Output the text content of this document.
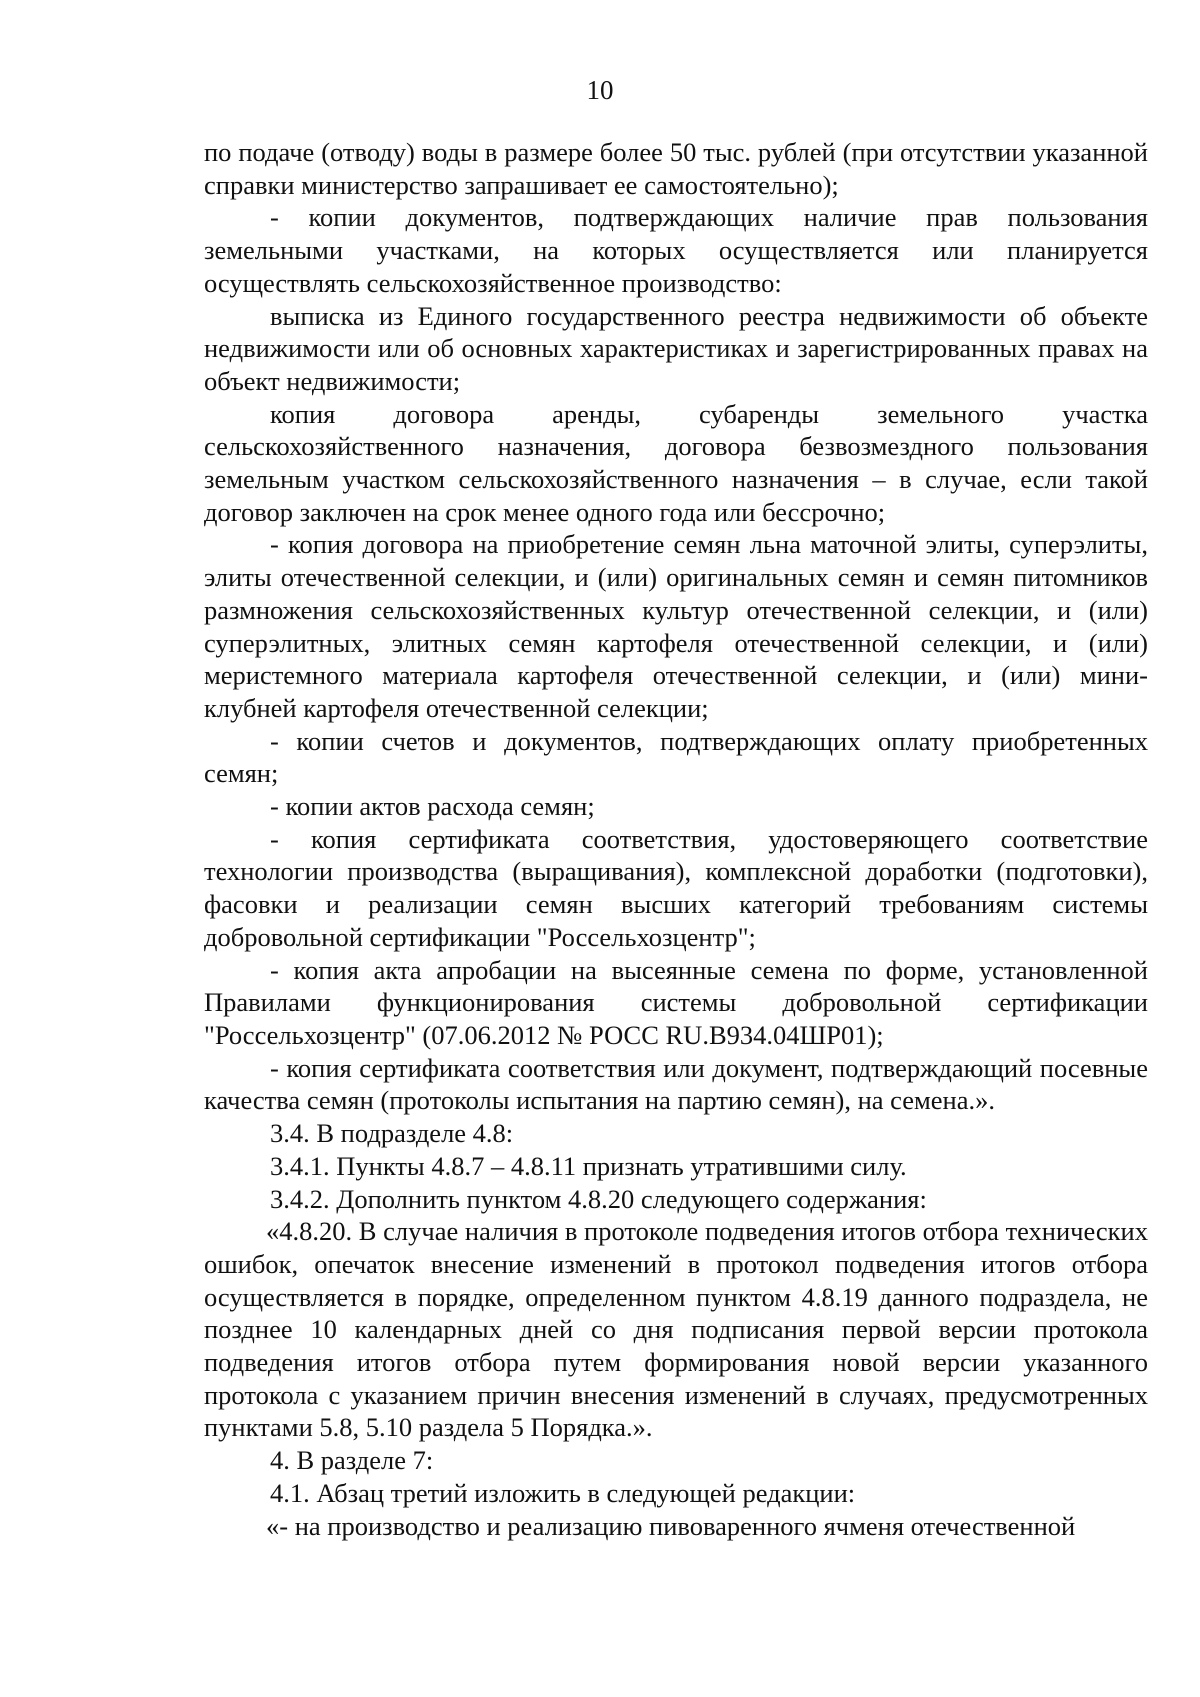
10

по подаче (отводу) воды в размере более 50 тыс. рублей (при отсутствии указанной справки министерство запрашивает ее самостоятельно);

- копии документов, подтверждающих наличие прав пользования земельными участками, на которых осуществляется или планируется осуществлять сельскохозяйственное производство:

выписка из Единого государственного реестра недвижимости об объекте недвижимости или об основных характеристиках и зарегистрированных правах на объект недвижимости;

копия договора аренды, субаренды земельного участка сельскохозяйственного назначения, договора безвозмездного пользования земельным участком сельскохозяйственного назначения – в случае, если такой договор заключен на срок менее одного года или бессрочно;

- копия договора на приобретение семян льна маточной элиты, суперэлиты, элиты отечественной селекции, и (или) оригинальных семян и семян питомников размножения сельскохозяйственных культур отечественной селекции, и (или) суперэлитных, элитных семян картофеля отечественной селекции, и (или) меристемного материала картофеля отечественной селекции, и (или) мини-клубней картофеля отечественной селекции;

- копии счетов и документов, подтверждающих оплату приобретенных семян;

- копии актов расхода семян;

- копия сертификата соответствия, удостоверяющего соответствие технологии производства (выращивания), комплексной доработки (подготовки), фасовки и реализации семян высших категорий требованиям системы добровольной сертификации "Россельхозцентр";

- копия акта апробации на высеянные семена по форме, установленной Правилами функционирования системы добровольной сертификации "Россельхозцентр" (07.06.2012 № РОСС RU.B934.04ШР01);

- копия сертификата соответствия или документ, подтверждающий посевные качества семян (протоколы испытания на партию семян), на семена.».

3.4. В подразделе 4.8:

3.4.1. Пункты 4.8.7 – 4.8.11 признать утратившими силу.

3.4.2. Дополнить пунктом 4.8.20 следующего содержания:

«4.8.20. В случае наличия в протоколе подведения итогов отбора технических ошибок, опечаток внесение изменений в протокол подведения итогов отбора осуществляется в порядке, определенном пунктом 4.8.19 данного подраздела, не позднее 10 календарных дней со дня подписания первой версии протокола подведения итогов отбора путем формирования новой версии указанного протокола с указанием причин внесения изменений в случаях, предусмотренных пунктами 5.8, 5.10 раздела 5 Порядка.».

4. В разделе 7:

4.1. Абзац третий изложить в следующей редакции:

«- на производство и реализацию пивоваренного ячменя отечественной
